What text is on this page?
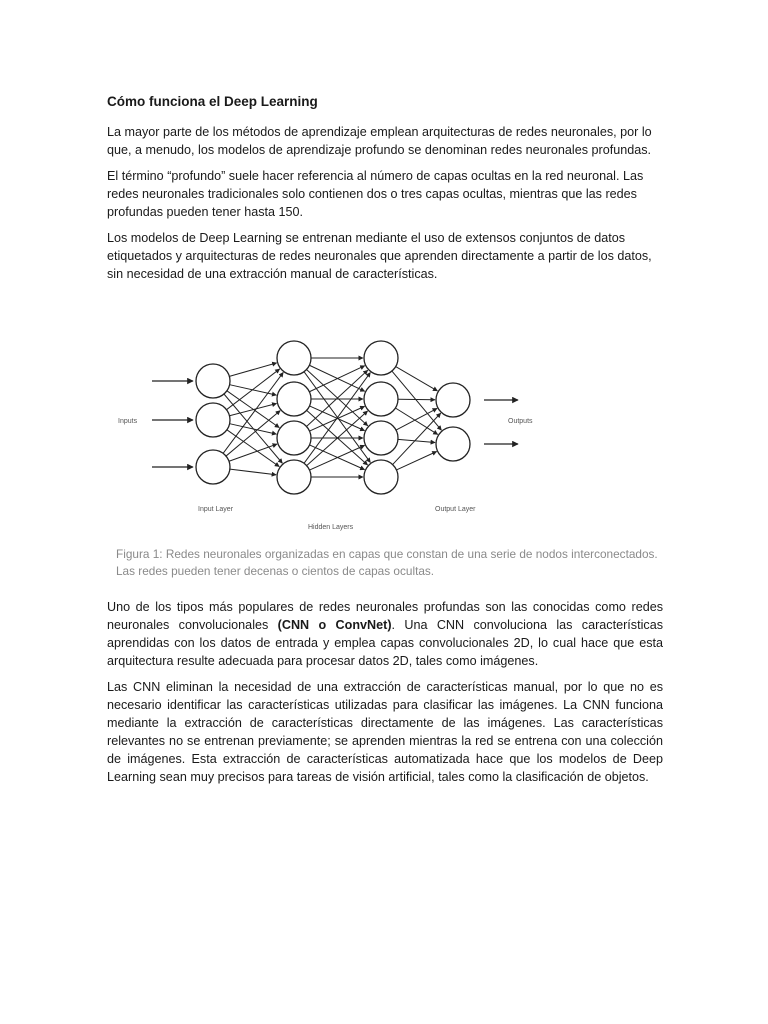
Cómo funciona el Deep Learning

La mayor parte de los métodos de aprendizaje emplean arquitecturas de redes neuronales, por lo que, a menudo, los modelos de aprendizaje profundo se denominan redes neuronales profundas.

El término “profundo” suele hacer referencia al número de capas ocultas en la red neuronal. Las redes neuronales tradicionales solo contienen dos o tres capas ocultas, mientras que las redes profundas pueden tener hasta 150.

Los modelos de Deep Learning se entrenan mediante el uso de extensos conjuntos de datos etiquetados y arquitecturas de redes neuronales que aprenden directamente a partir de los datos, sin necesidad de una extracción manual de características.

Inputs	Outputs
Input Layer
Hidden Layers
Output Layer
Figura 1: Redes neuronales organizadas en capas que constan de una serie de nodos interconectados. Las redes pueden tener decenas o cientos de capas ocultas.

Uno de los tipos más populares de redes neuronales profundas son las conocidas como redes neuronales convolucionales (CNN o ConvNet). Una CNN convoluciona las características aprendidas con los datos de entrada y emplea capas convolucionales 2D, lo cual hace que esta arquitectura resulte adecuada para procesar datos 2D, tales como imágenes.

Las CNN eliminan la necesidad de una extracción de características manual, por lo que no es necesario identificar las características utilizadas para clasificar las imágenes. La CNN funciona mediante la extracción de características directamente de las imágenes. Las características relevantes no se entrenan previamente; se aprenden mientras la red se entrena con una colección de imágenes. Esta extracción de características automatizada hace que los modelos de Deep Learning sean muy precisos para tareas de visión artificial, tales como la clasificación de objetos.
